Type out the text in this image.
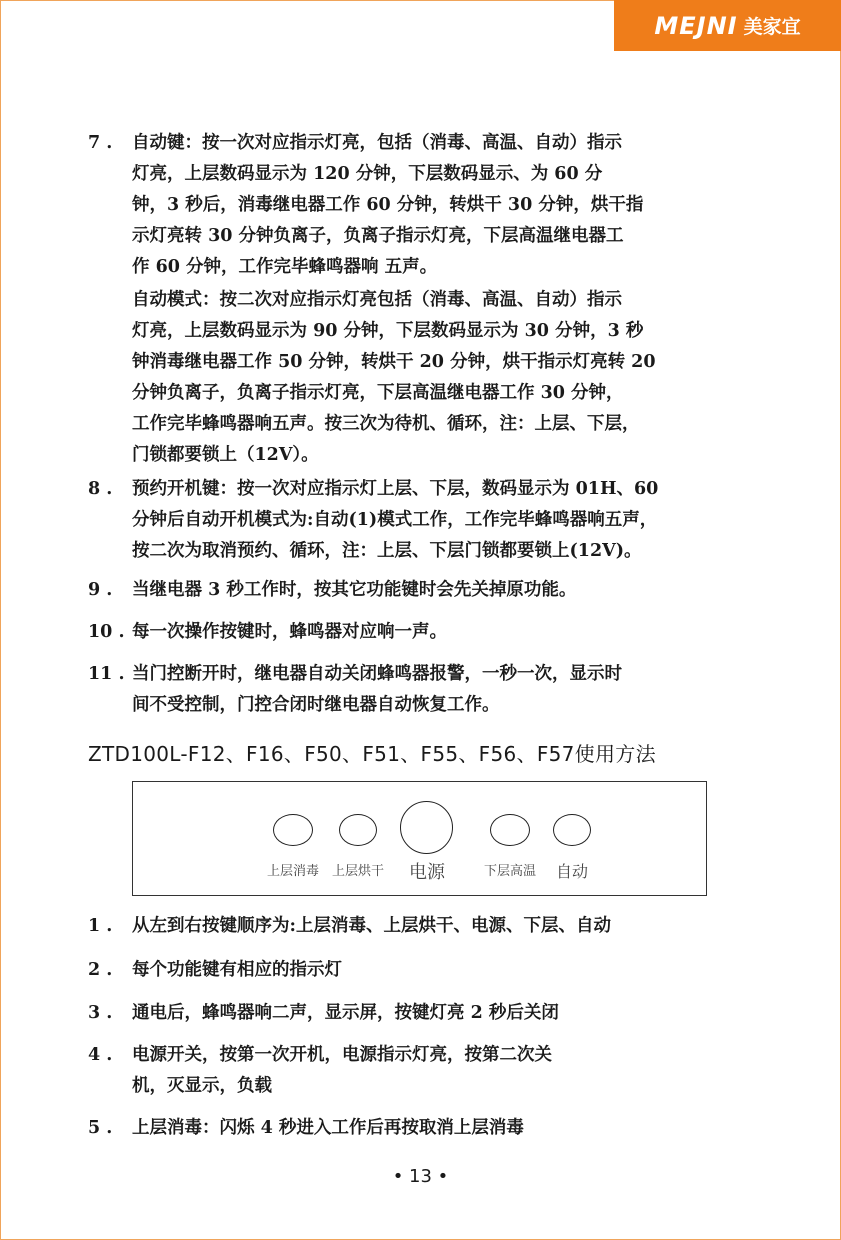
MEJNI 美家宜
7 .	自动键：按一次对应指示灯亮，包括（消毒、高温、自动）指示
灯亮，上层数码显示为 120 分钟，下层数码显示、为 60 分
钟，3 秒后，消毒继电器工作 60 分钟，转烘干 30 分钟，烘干指
示灯亮转 30 分钟负离子，负离子指示灯亮，下层高温继电器工
作 60 分钟，工作完毕蜂鸣器响 五声。
自动模式：按二次对应指示灯亮包括（消毒、高温、自动）指示
灯亮，上层数码显示为 90 分钟，下层数码显示为 30 分钟，3 秒
钟消毒继电器工作 50 分钟，转烘干 20 分钟，烘干指示灯亮转 20
分钟负离子，负离子指示灯亮，下层高温继电器工作 30 分钟，
工作完毕蜂鸣器响五声。按三次为待机、循环，注：上层、下层，
门锁都要锁上（12V）。
8 .	预约开机键：按一次对应指示灯上层、下层，数码显示为 01H、60
分钟后自动开机模式为:自动(1)模式工作，工作完毕蜂鸣器响五声，
按二次为取消预约、循环，注：上层、下层门锁都要锁上(12V)。
9 .	当继电器 3 秒工作时，按其它功能键时会先关掉原功能。
10 . 每一次操作按键时，蜂鸣器对应响一声。
11 . 当门控断开时，继电器自动关闭蜂鸣器报警，一秒一次，显示时
间不受控制，门控合闭时继电器自动恢复工作。
ZTD100L-F12、F16、F50、F51、F55、F56、F57使用方法
上层消毒 上层烘干 电源	下层高温 自动
1 .	从左到右按键顺序为:上层消毒、上层烘干、电源、下层、自动
2 .	每个功能键有相应的指示灯
3 .	通电后，蜂鸣器响二声，显示屏，按键灯亮 2 秒后关闭
4 .	电源开关，按第一次开机，电源指示灯亮，按第二次关
机，灭显示，负载
5 .	上层消毒：闪烁 4 秒进入工作后再按取消上层消毒
• 13 •
